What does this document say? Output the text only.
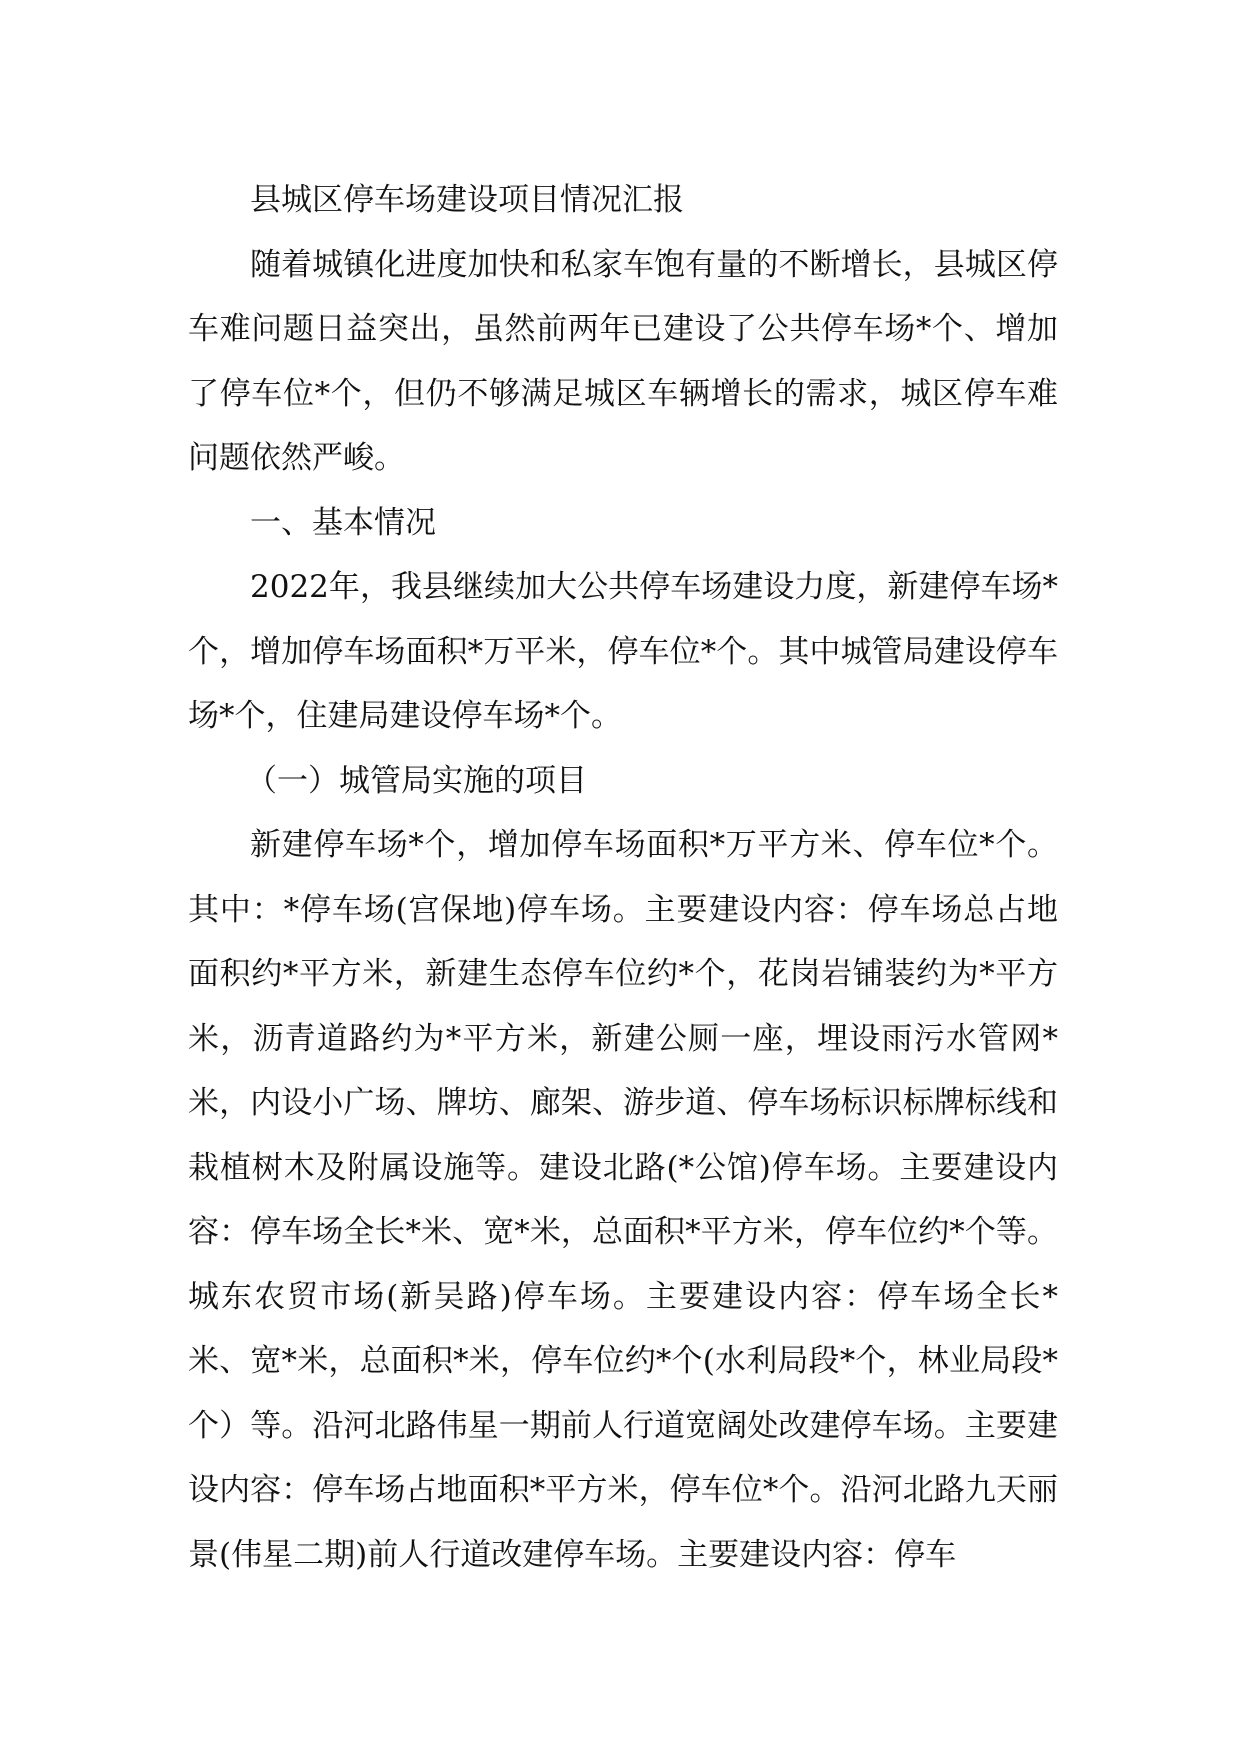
县城区停车场建设项目情况汇报

随着城镇化进度加快和私家车饱有量的不断增长，县城区停车难问题日益突出，虽然前两年已建设了公共停车场*个、增加了停车位*个，但仍不够满足城区车辆增长的需求，城区停车难问题依然严峻。

一、基本情况

2022年，我县继续加大公共停车场建设力度，新建停车场*个，增加停车场面积*万平米，停车位*个。其中城管局建设停车场*个，住建局建设停车场*个。

（一）城管局实施的项目

新建停车场*个，增加停车场面积*万平方米、停车位*个。其中：*停车场(宫保地)停车场。主要建设内容：停车场总占地面积约*平方米，新建生态停车位约*个，花岗岩铺装约为*平方米，沥青道路约为*平方米，新建公厕一座，埋设雨污水管网*米，内设小广场、牌坊、廊架、游步道、停车场标识标牌标线和栽植树木及附属设施等。建设北路(*公馆)停车场。主要建设内容：停车场全长*米、宽*米，总面积*平方米，停车位约*个等。城东农贸市场(新吴路)停车场。主要建设内容：停车场全长*米、宽*米，总面积*米，停车位约*个(水利局段*个，林业局段*个）等。沿河北路伟星一期前人行道宽阔处改建停车场。主要建设内容：停车场占地面积*平方米，停车位*个。沿河北路九天丽景(伟星二期)前人行道改建停车场。主要建设内容：停车
